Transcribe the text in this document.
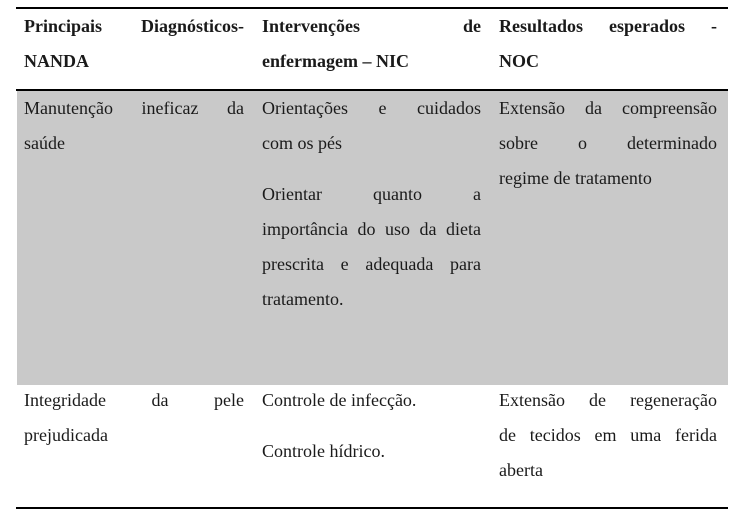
Principais Diagnósticos-
NANDA
Intervenções de
enfermagem – NIC
Resultados esperados -
NOC
Manutenção ineficaz da
saúde
Orientações e cuidados
com os pés
Orientar quanto a
importância do uso da dieta
prescrita e adequada para
tratamento.
Extensão da compreensão
sobre o determinado
regime de tratamento
Integridade da pele
prejudicada
Controle de infecção.
Controle hídrico.
Extensão de regeneração
de tecidos em uma ferida
aberta
